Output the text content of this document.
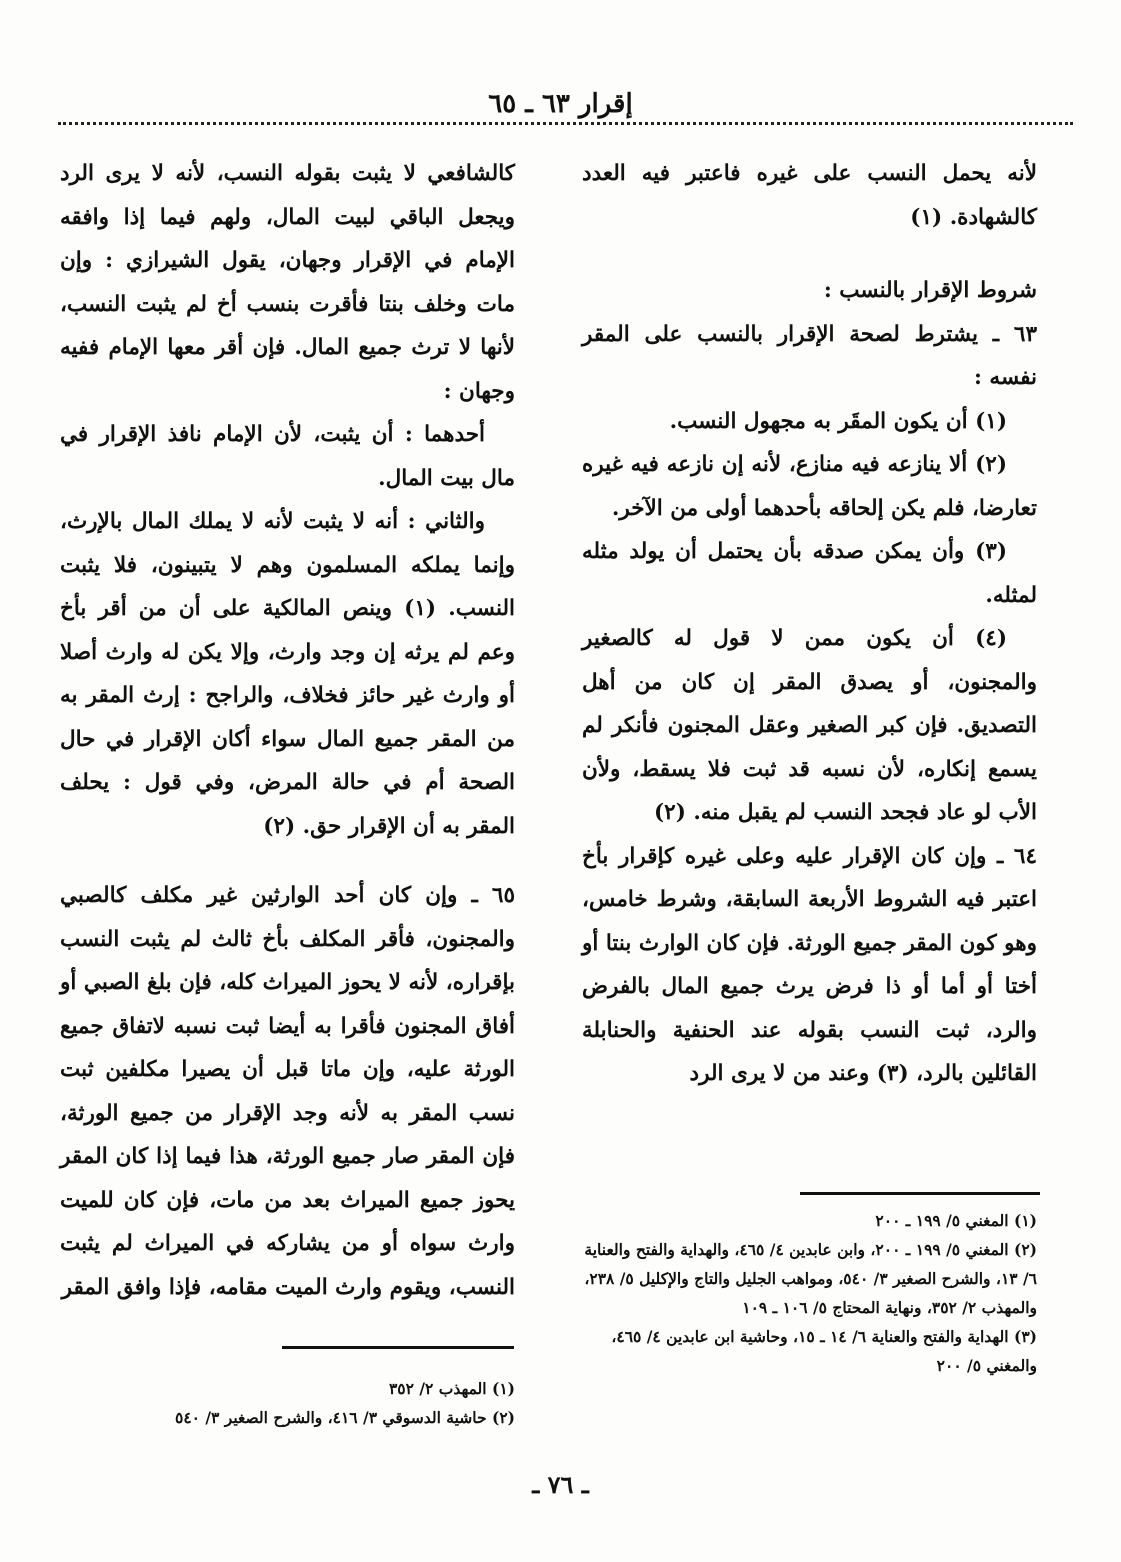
إقرار ٦٣ ـ ٦٥

لأنه يحمل النسب على غيره فاعتبر فيه العدد كالشهادة. (١)

شروط الإقرار بالنسب :

٦٣ ـ يشترط لصحة الإقرار بالنسب على المقر نفسه :

(١) أن يكون المقَر به مجهول النسب.

(٢) ألا ينازعه فيه منازع، لأنه إن نازعه فيه غيره تعارضا، فلم يكن إلحاقه بأحدهما أولى من الآخر.

(٣) وأن يمكن صدقه بأن يحتمل أن يولد مثله لمثله.

(٤) أن يكون ممن لا قول له كالصغير والمجنون، أو يصدق المقر إن كان من أهل التصديق. فإن كبر الصغير وعقل المجنون فأنكر لم يسمع إنكاره، لأن نسبه قد ثبت فلا يسقط، ولأن الأب لو عاد فجحد النسب لم يقبل منه. (٢)

٦٤ ـ وإن كان الإقرار عليه وعلى غيره كإقرار بأخ اعتبر فيه الشروط الأربعة السابقة، وشرط خامس، وهو كون المقر جميع الورثة. فإن كان الوارث بنتا أو أختا أو أما أو ذا فرض يرث جميع المال بالفرض والرد، ثبت النسب بقوله عند الحنفية والحنابلة القائلين بالرد، (٣) وعند من لا يرى الرد

(١) المغني ٥/ ١٩٩ ـ ٢٠٠

(٢) المغني ٥/ ١٩٩ ـ ٢٠٠، وابن عابدين ٤/ ٤٦٥، والهداية والفتح والعناية ٦/ ١٣، والشرح الصغير ٣/ ٥٤٠، ومواهب الجليل والتاج والإكليل ٥/ ٢٣٨، والمهذب ٢/ ٣٥٢، ونهاية المحتاج ٥/ ١٠٦ ـ ١٠٩

(٣) الهداية والفتح والعناية ٦/ ١٤ ـ ١٥، وحاشية ابن عابدين ٤/ ٤٦٥، والمغني ٥/ ٢٠٠

كالشافعي لا يثبت بقوله النسب، لأنه لا يرى الرد ويجعل الباقي لبيت المال، ولهم فيما إذا وافقه الإمام في الإقرار وجهان، يقول الشيرازي : وإن مات وخلف بنتا فأقرت بنسب أخ لم يثبت النسب، لأنها لا ترث جميع المال. فإن أقر معها الإمام ففيه وجهان :

أحدهما : أن يثبت، لأن الإمام نافذ الإقرار في مال بيت المال.

والثاني : أنه لا يثبت لأنه لا يملك المال بالإرث، وإنما يملكه المسلمون وهم لا يتبينون، فلا يثبت النسب. (١) وينص المالكية على أن من أقر بأخ وعم لم يرثه إن وجد وارث، وإلا يكن له وارث أصلا أو وارث غير حائز فخلاف، والراجح : إرث المقر به من المقر جميع المال سواء أكان الإقرار في حال الصحة أم في حالة المرض، وفي قول : يحلف المقر به أن الإقرار حق. (٢)

٦٥ ـ وإن كان أحد الوارثين غير مكلف كالصبي والمجنون، فأقر المكلف بأخ ثالث لم يثبت النسب بإقراره، لأنه لا يحوز الميراث كله، فإن بلغ الصبي أو أفاق المجنون فأقرا به أيضا ثبت نسبه لاتفاق جميع الورثة عليه، وإن ماتا قبل أن يصيرا مكلفين ثبت نسب المقر به لأنه وجد الإقرار من جميع الورثة، فإن المقر صار جميع الورثة، هذا فيما إذا كان المقر يحوز جميع الميراث بعد من مات، فإن كان للميت وارث سواه أو من يشاركه في الميراث لم يثبت النسب، ويقوم وارث الميت مقامه، فإذا وافق المقر

(١) المهذب ٢/ ٣٥٢

(٢) حاشية الدسوقي ٣/ ٤١٦، والشرح الصغير ٣/ ٥٤٠

ـ ٧٦ ـ
